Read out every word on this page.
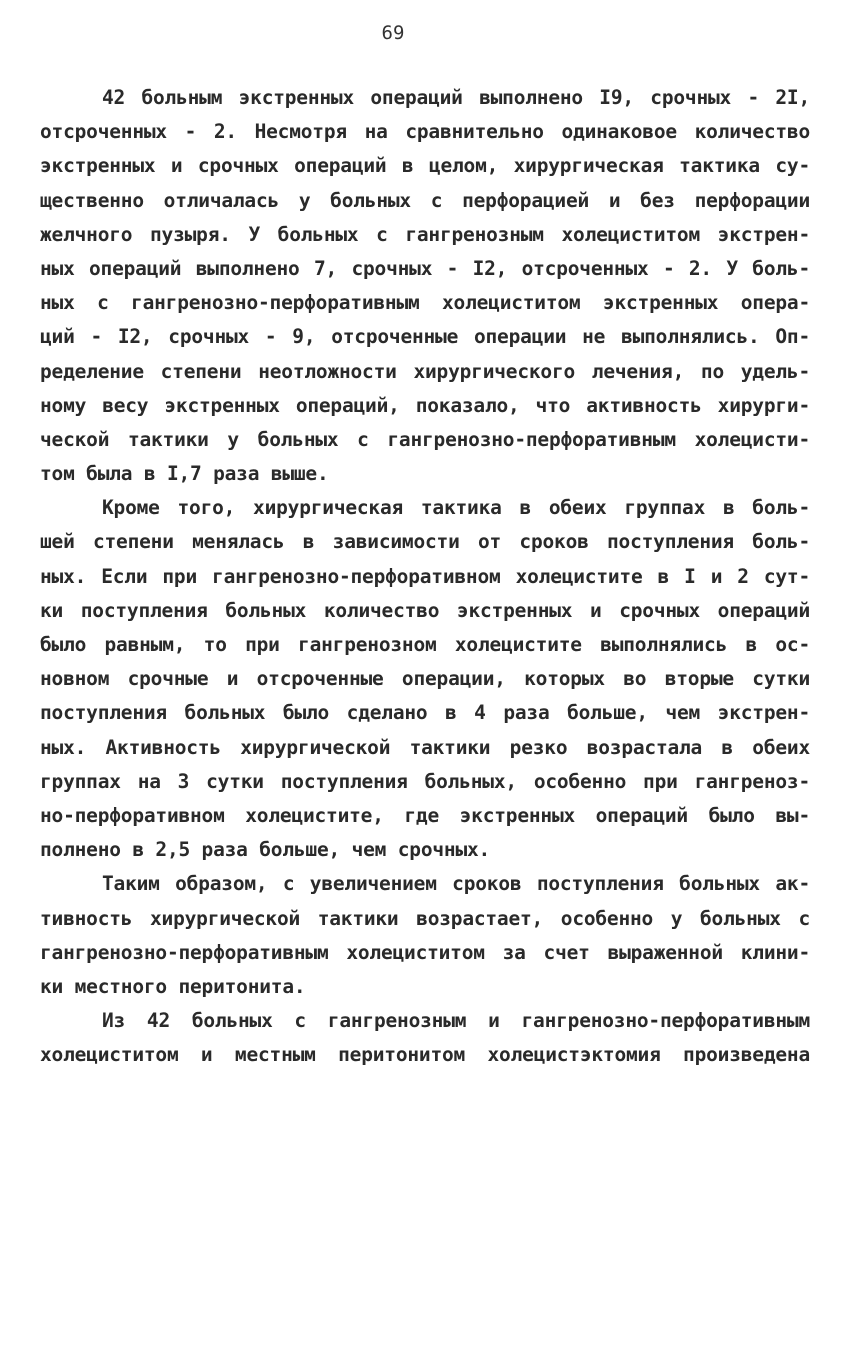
69
42 больным экстренных операций выполнено I9, срочных - 2I,
отсроченных - 2. Несмотря на сравнительно одинаковое количество
экстренных и срочных операций в целом, хирургическая тактика су-
щественно отличалась у больных с перфорацией и без перфорации
желчного пузыря. У больных с гангренозным холециститом экстрен-
ных операций выполнено 7, срочных - I2, отсроченных - 2. У боль-
ных с гангренозно-перфоративным холециститом экстренных опера-
ций - I2, срочных - 9, отсроченные операции не выполнялись. Оп-
ределение степени неотложности хирургического лечения, по удель-
ному весу экстренных операций, показало, что активность хирурги-
ческой тактики у больных с гангренозно-перфоративным холецисти-
том была в I,7 раза выше.
Кроме того, хирургическая тактика в обеих группах в боль-
шей степени менялась в зависимости от сроков поступления боль-
ных. Если при гангренозно-перфоративном холецистите в I и 2 сут-
ки поступления больных количество экстренных и срочных операций
было равным, то при гангренозном холецистите выполнялись в ос-
новном срочные и отсроченные операции, которых во вторые сутки
поступления больных было сделано в 4 раза больше, чем экстрен-
ных. Активность хирургической тактики резко возрастала в обеих
группах на 3 сутки поступления больных, особенно при гангреноз-
но-перфоративном холецистите, где экстренных операций было вы-
полнено в 2,5 раза больше, чем срочных.
Таким образом, с увеличением сроков поступления больных ак-
тивность хирургической тактики возрастает, особенно у больных с
гангренозно-перфоративным холециститом за счет выраженной клини-
ки местного перитонита.
Из 42 больных с гангренозным и гангренозно-перфоративным
холециститом и местным перитонитом холецистэктомия произведена
